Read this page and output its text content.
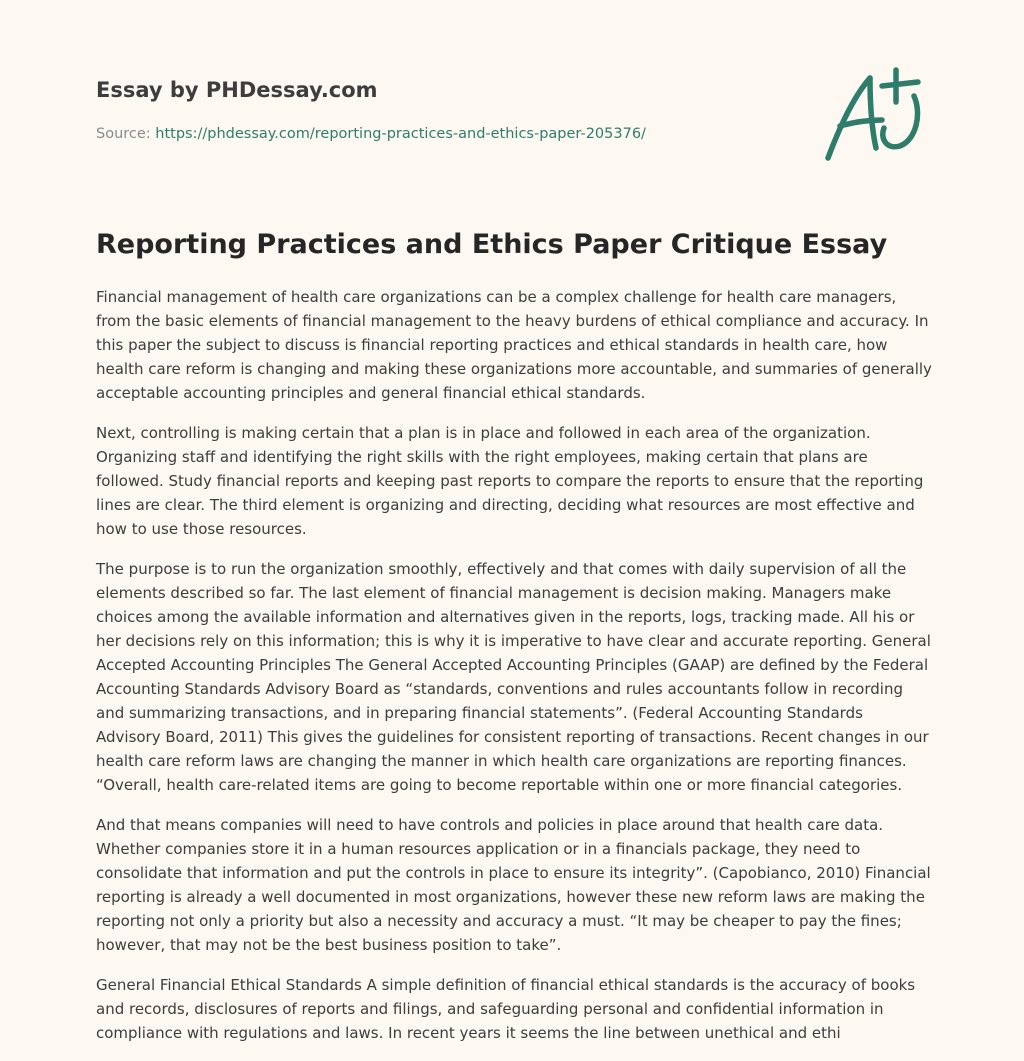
Essay by PHDessay.com
Source: https://phdessay.com/reporting-practices-and-ethics-paper-205376/
Reporting Practices and Ethics Paper Critique Essay

Financial management of health care organizations can be a complex challenge for health care managers, from the basic elements of financial management to the heavy burdens of ethical compliance and accuracy. In this paper the subject to discuss is financial reporting practices and ethical standards in health care, how health care reform is changing and making these organizations more accountable, and summaries of generally acceptable accounting principles and general financial ethical standards.

Next, controlling is making certain that a plan is in place and followed in each area of the organization. Organizing staff and identifying the right skills with the right employees, making certain that plans are followed. Study financial reports and keeping past reports to compare the reports to ensure that the reporting lines are clear. The third element is organizing and directing, deciding what resources are most effective and how to use those resources.

The purpose is to run the organization smoothly, effectively and that comes with daily supervision of all the elements described so far. The last element of financial management is decision making. Managers make choices among the available information and alternatives given in the reports, logs, tracking made. All his or her decisions rely on this information; this is why it is imperative to have clear and accurate reporting. General Accepted Accounting Principles The General Accepted Accounting Principles (GAAP) are defined by the Federal Accounting Standards Advisory Board as “standards, conventions and rules accountants follow in recording and summarizing transactions, and in preparing financial statements”. (Federal Accounting Standards Advisory Board, 2011) This gives the guidelines for consistent reporting of transactions. Recent changes in our health care reform laws are changing the manner in which health care organizations are reporting finances. “Overall, health care-related items are going to become reportable within one or more financial categories.

And that means companies will need to have controls and policies in place around that health care data. Whether companies store it in a human resources application or in a financials package, they need to consolidate that information and put the controls in place to ensure its integrity”. (Capobianco, 2010) Financial reporting is already a well documented in most organizations, however these new reform laws are making the reporting not only a priority but also a necessity and accuracy a must. “It may be cheaper to pay the fines; however, that may not be the best business position to take”.

General Financial Ethical Standards A simple definition of financial ethical standards is the accuracy of books and records, disclosures of reports and filings, and safeguarding personal and confidential information in compliance with regulations and laws. In recent years it seems the line between unethical and ethi
